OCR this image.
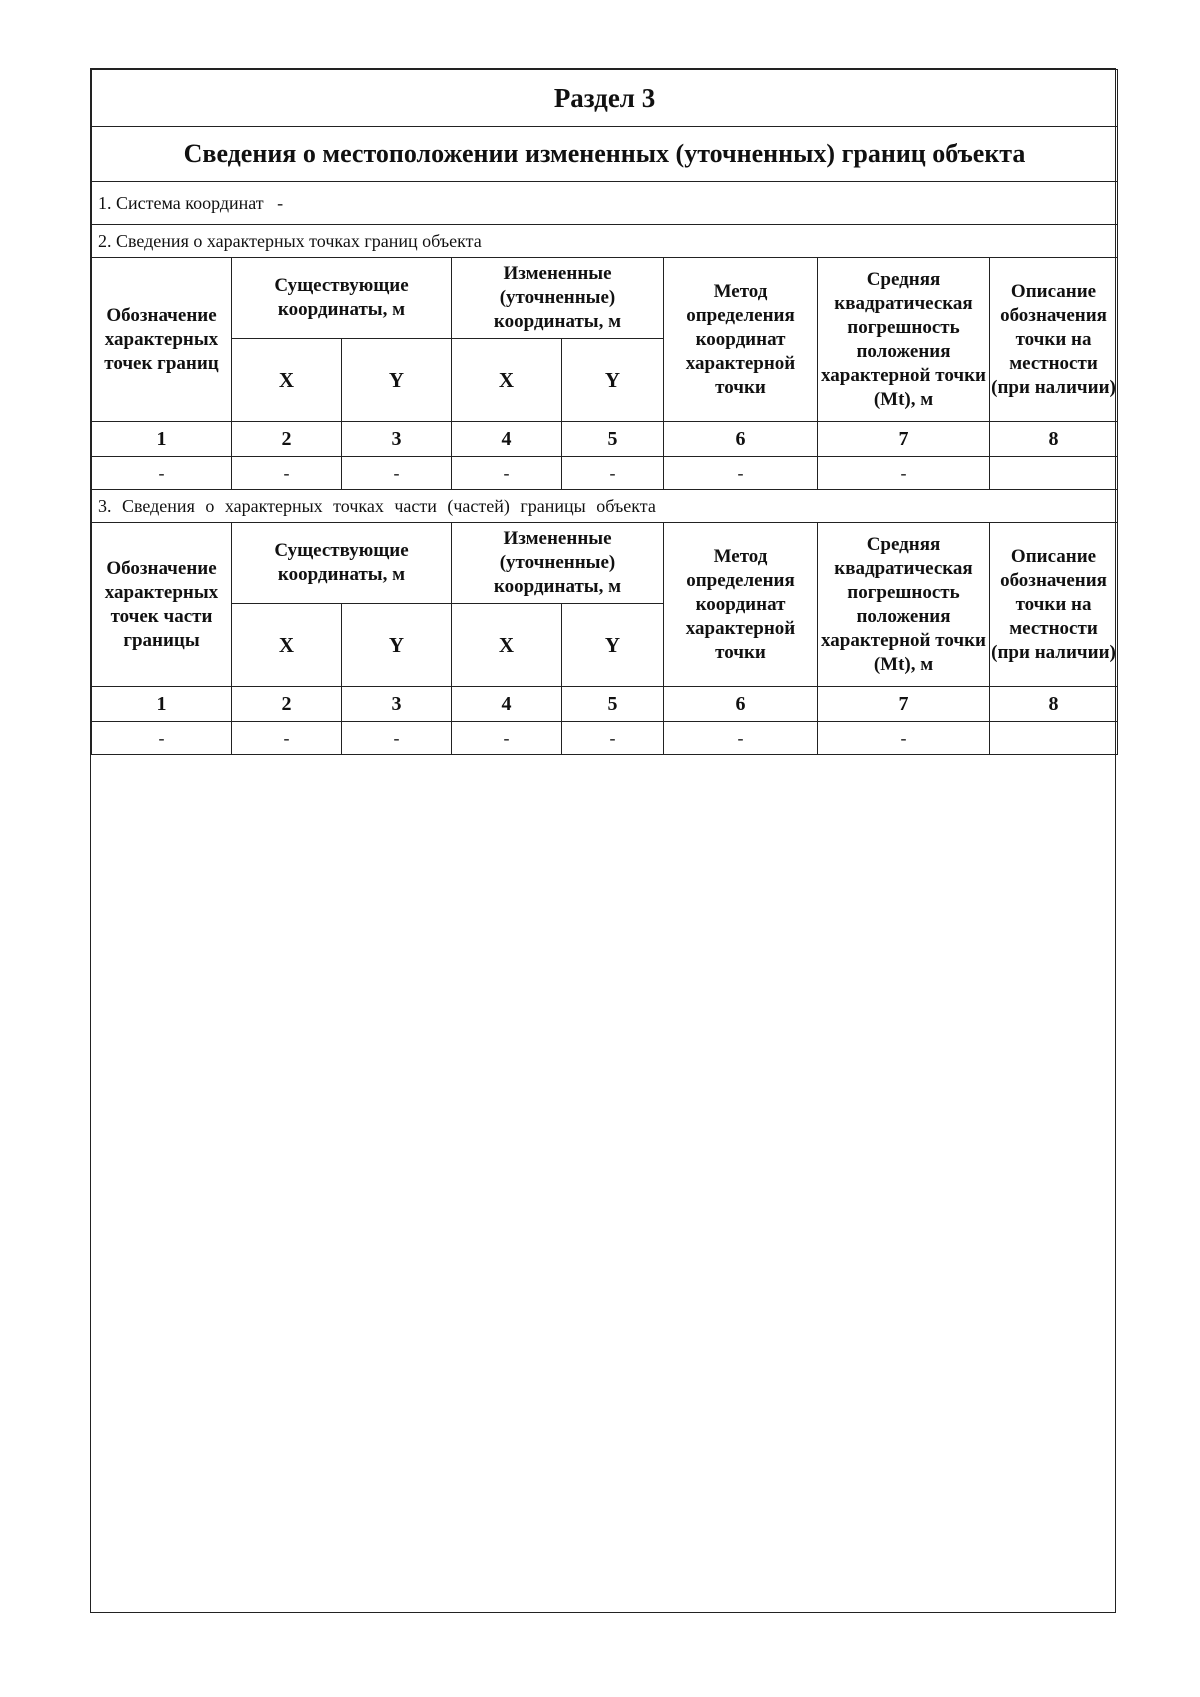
Раздел 3							
Сведения о местоположении измененных (уточненных) границ объекта							
1. Система координат   -							
2. Сведения о характерных точках границ объекта							
Обозначение характерных точек границ	Существующие координаты, м		Измененные (уточненные) координаты, м		Метод определения координат характерной точки	Средняя квадратическая погрешность положения характерной точки (Mt), м	Описание обозначения точки на местности (при наличии)
	X	Y	X	Y			
1	2	3	4	5	6	7	8
-	-	-	-	-	-	-	
3. Сведения о характерных точках части (частей) границы объекта							
Обозначение характерных точек части границы	Существующие координаты, м		Измененные (уточненные) координаты, м		Метод определения координат характерной точки	Средняя квадратическая погрешность положения характерной точки (Mt), м	Описание обозначения точки на местности (при наличии)
	X	Y	X	Y			
1	2	3	4	5	6	7	8
-	-	-	-	-	-	-	
